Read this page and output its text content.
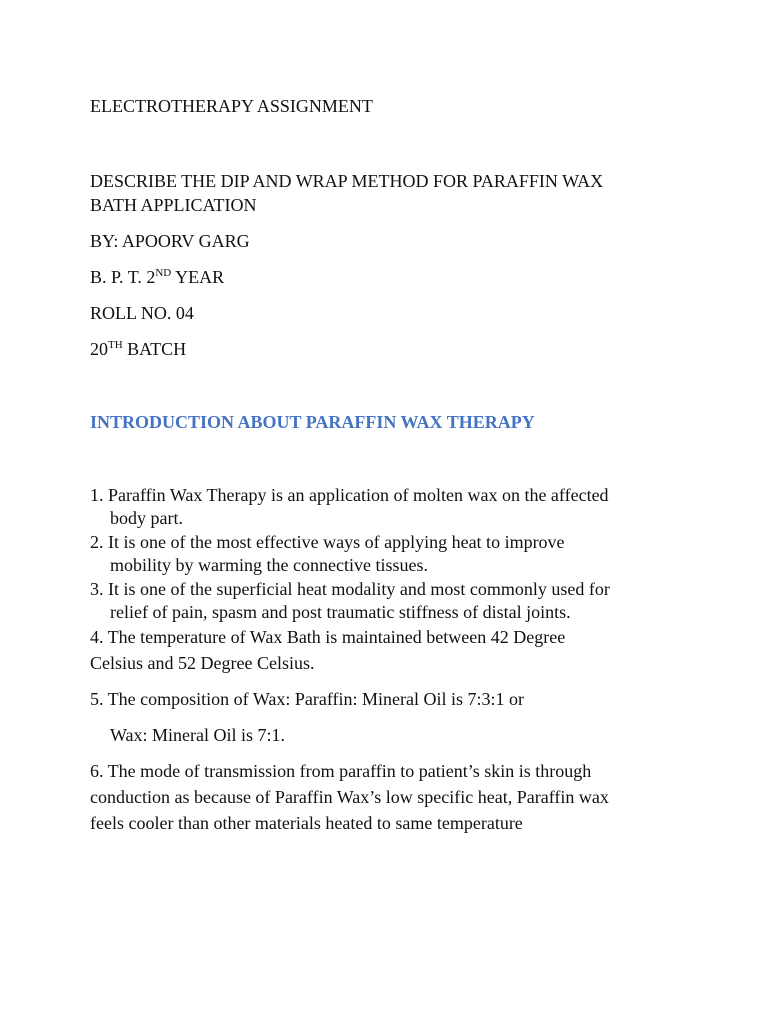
ELECTROTHERAPY ASSIGNMENT
DESCRIBE THE DIP AND WRAP METHOD FOR PARAFFIN WAX
BATH APPLICATION
BY: APOORV GARG
B. P. T. 2ND YEAR
ROLL NO. 04
20TH BATCH
INTRODUCTION ABOUT PARAFFIN WAX THERAPY
1. Paraffin Wax Therapy is an application of molten wax on the affected
body part.
2. It is one of the most effective ways of applying heat to improve
mobility by warming the connective tissues.
3. It is one of the superficial heat modality and most commonly used for
relief of pain, spasm and post traumatic stiffness of distal joints.
4. The temperature of Wax Bath is maintained between 42 Degree
Celsius and 52 Degree Celsius.
5. The composition of Wax: Paraffin: Mineral Oil is 7:3:1 or
Wax: Mineral Oil is 7:1.
6. The mode of transmission from paraffin to patient’s skin is through
conduction as because of Paraffin Wax’s low specific heat, Paraffin wax
feels cooler than other materials heated to same temperature
